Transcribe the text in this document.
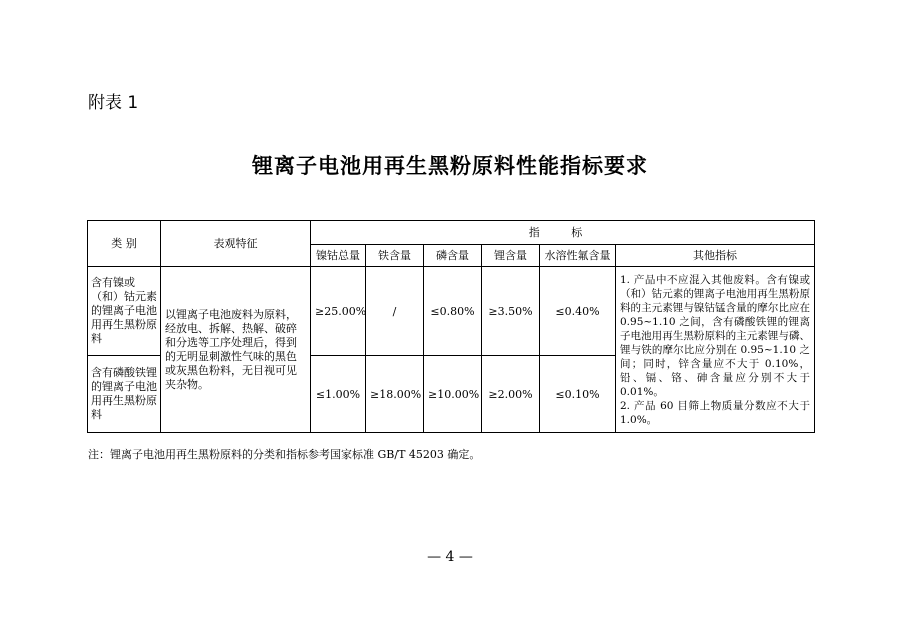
附表 1
锂离子电池用再生黑粉原料性能指标要求
类 别	表观特征	指 标					
		镍钴总量	铁含量	磷含量	锂含量	水溶性氟含量	其他指标
含有镍或（和）钴元素的锂离子电池用再生黑粉原料	以锂离子电池废料为原料，经放电、拆解、热解、破碎和分选等工序处理后，得到的无明显刺激性气味的黑色或灰黑色粉料，无目视可见夹杂物。	≥25.00%	/	≤0.80%	≥3.50%	≤0.40%	1. 产品中不应混入其他废料。含有镍或（和）钴元素的锂离子电池用再生黑粉原料的主元素锂与镍钴锰含量的摩尔比应在 0.95~1.10 之间，含有磷酸铁锂的锂离子电池用再生黑粉原料的主元素锂与磷、锂与铁的摩尔比应分别在 0.95~1.10 之间；同时，锌含量应不大于 0.10%，铅、镉、铬、砷含量应分别不大于 0.01%。
2. 产品 60 目筛上物质量分数应不大于 1.0%。
含有磷酸铁锂的锂离子电池用再生黑粉原料		≤1.00%	≥18.00%	≥10.00%	≥2.00%	≤0.10%	
注：锂离子电池用再生黑粉原料的分类和指标参考国家标准 GB/T 45203 确定。
— 4 —
